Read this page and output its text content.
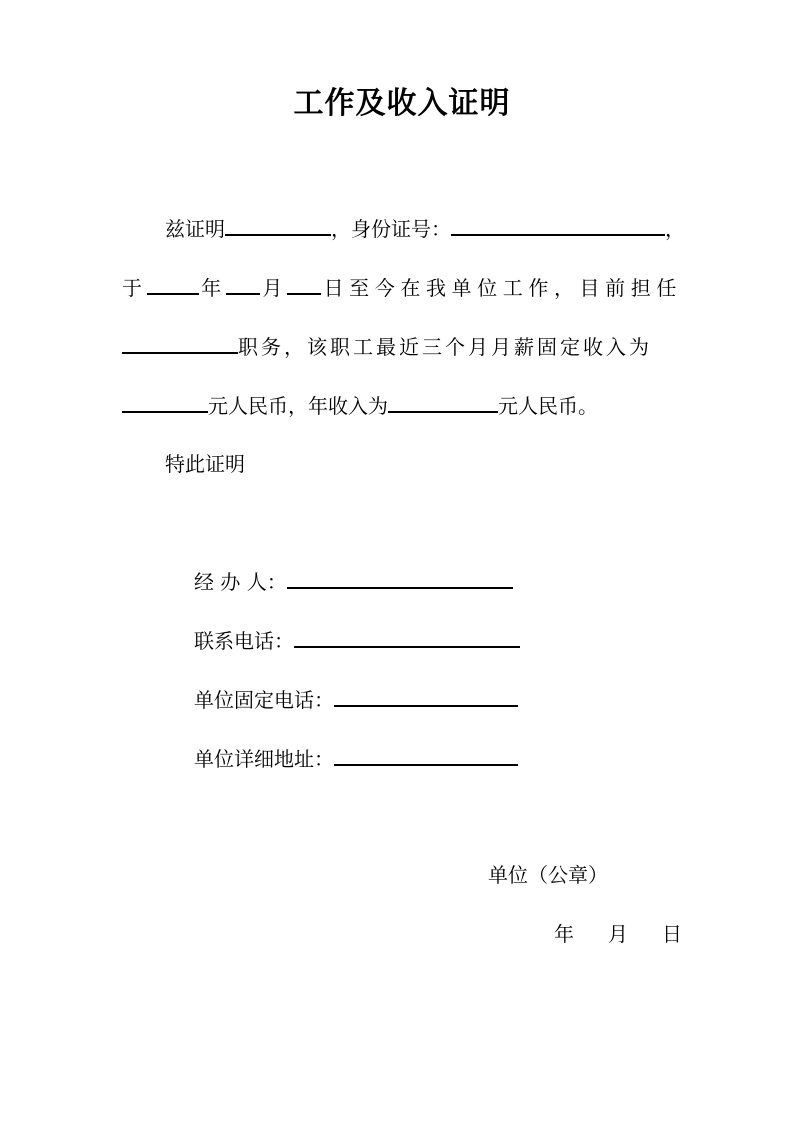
工作及收入证明
兹证明	，身份证号：	，
于	年 月 日至今在我单位工作，目前担任
职务，该职工最近三个月月薪固定收入为
元人民币，年收入为	元人民币。
特此证明
经 办 人：
联系电话：
单位固定电话：
单位详细地址：
单位（公章）
年 月 日
